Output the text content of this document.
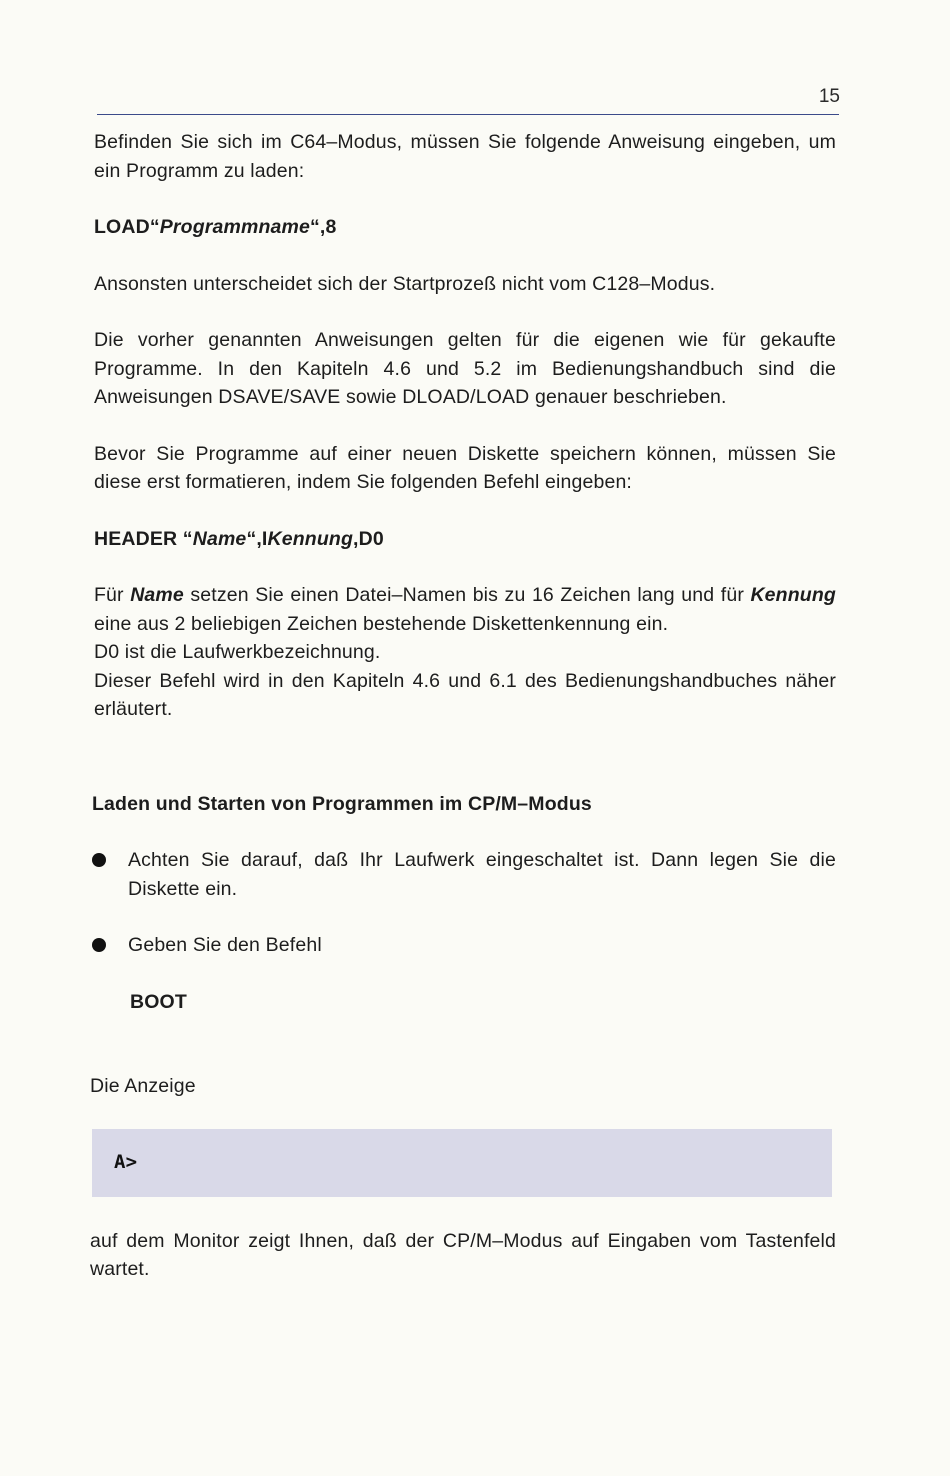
15

Befinden Sie sich im C64–Modus, müssen Sie folgende Anweisung eingeben, um ein Programm zu laden:

LOAD“Programmname“,8

Ansonsten unterscheidet sich der Startprozeß nicht vom C128–Modus.

Die vorher genannten Anweisungen gelten für die eigenen wie für gekaufte Programme. In den Kapiteln 4.6 und 5.2 im Bedienungshandbuch sind die Anweisungen DSAVE/SAVE sowie DLOAD/LOAD genauer beschrieben.

Bevor Sie Programme auf einer neuen Diskette speichern können, müssen Sie diese erst formatieren, indem Sie folgenden Befehl eingeben:

HEADER “Name“,IKennung,D0

Für Name setzen Sie einen Datei–Namen bis zu 16 Zeichen lang und für Kennung eine aus 2 beliebigen Zeichen bestehende Diskettenkennung ein.

D0 ist die Laufwerkbezeichnung.

Dieser Befehl wird in den Kapiteln 4.6 und 6.1 des Bedienungshandbuches näher erläutert.

Laden und Starten von Programmen im CP/M–Modus

Achten Sie darauf, daß Ihr Laufwerk eingeschaltet ist. Dann legen Sie die Diskette ein.
Geben Sie den Befehl

BOOT

Die Anzeige

A>

auf dem Monitor zeigt Ihnen, daß der CP/M–Modus auf Eingaben vom Tastenfeld wartet.
